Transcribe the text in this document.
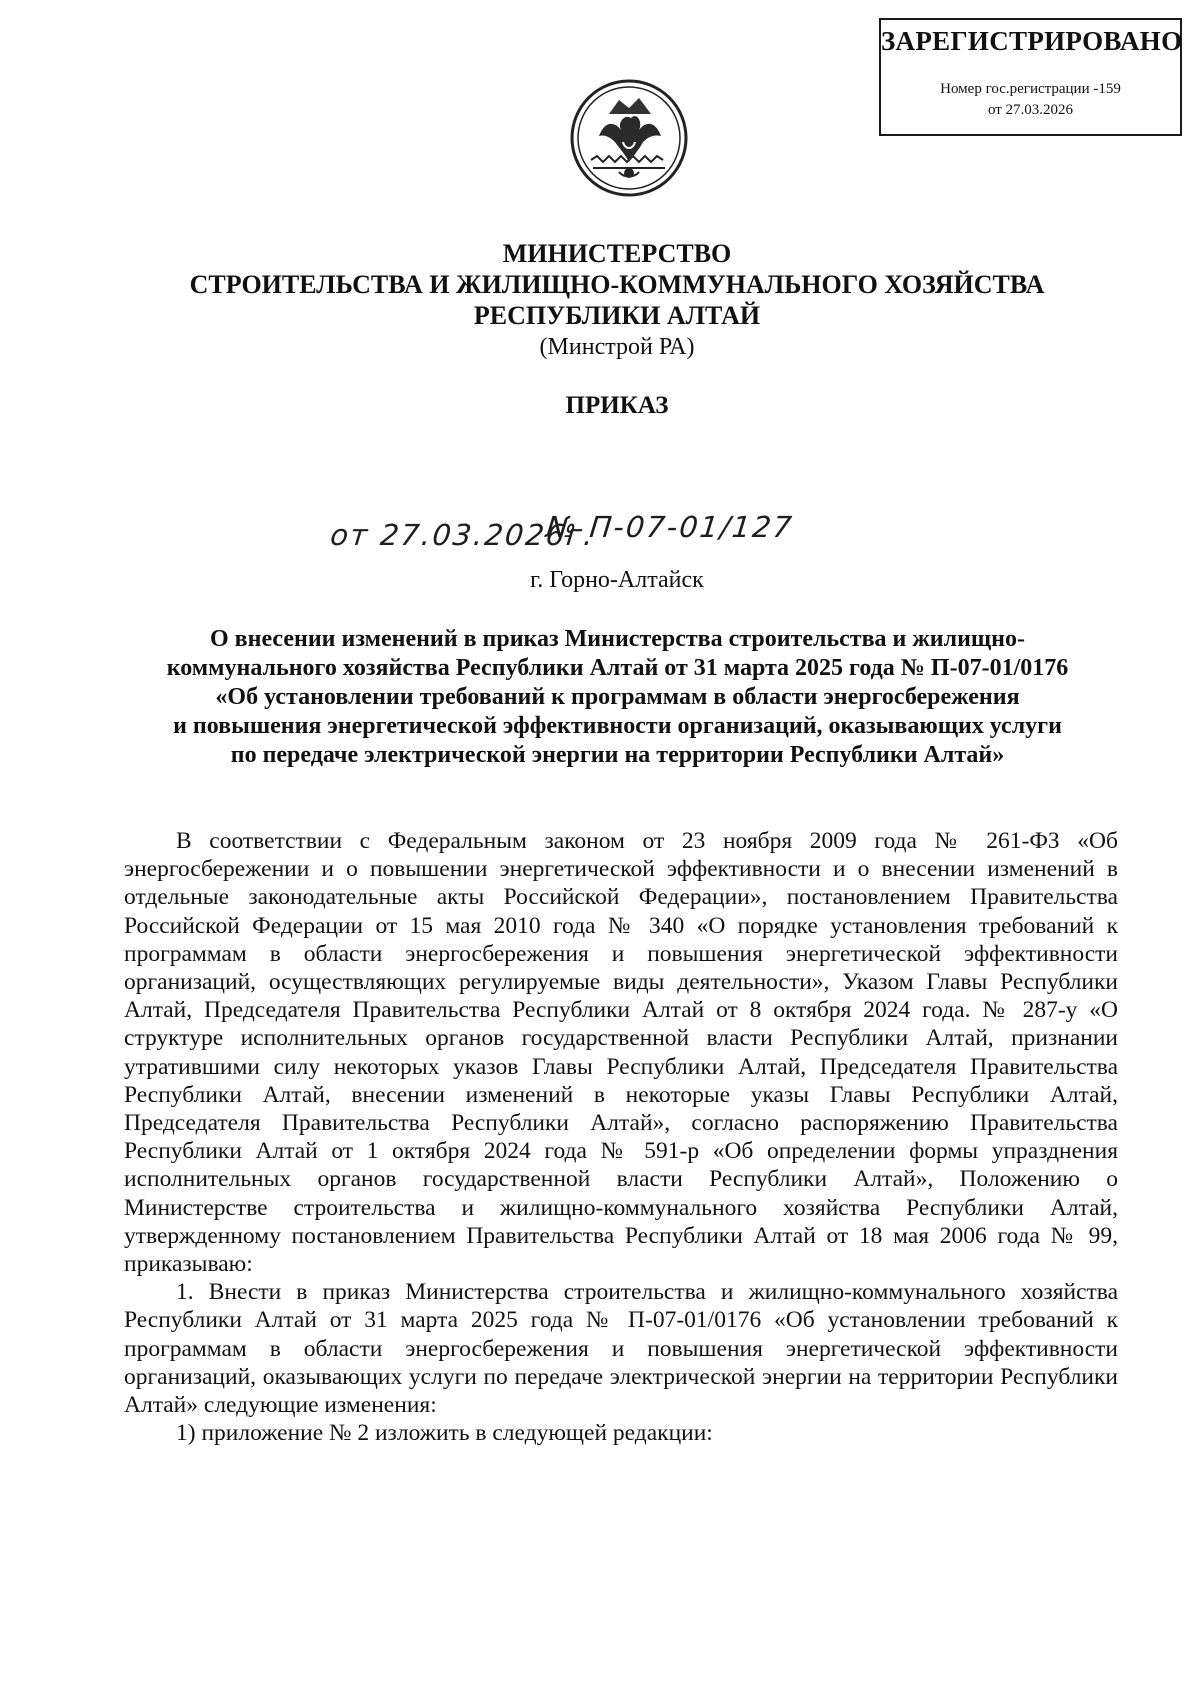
ЗАРЕГИСТРИРОВАНО
Номер гос.регистрации -159
от 27.03.2026
МИНИСТЕРСТВО
СТРОИТЕЛЬСТВА И ЖИЛИЩНО-КОММУНАЛЬНОГО ХОЗЯЙСТВА
РЕСПУБЛИКИ АЛТАЙ
(Минстрой РА)
ПРИКАЗ
от 27.03.2026г.
№ П-07-01/127
г. Горно-Алтайск
О внесении изменений в приказ Министерства строительства и жилищно-
коммунального хозяйства Республики Алтай от 31 марта 2025 года № П-07-01/0176
«Об установлении требований к программам в области энергосбережения
и повышения энергетической эффективности организаций, оказывающих услуги
по передаче электрической энергии на территории Республики Алтай»

В соответствии с Федеральным законом от 23 ноября 2009 года № 261-ФЗ «Об энергосбережении и о повышении энергетической эффективности и о внесении изменений в отдельные законодательные акты Российской Федерации», постановлением Правительства Российской Федерации от 15 мая 2010 года № 340 «О порядке установления требований к программам в области энергосбережения и повышения энергетической эффективности организаций, осуществляющих регулируемые виды деятельности», Указом Главы Республики Алтай, Председателя Правительства Республики Алтай от 8 октября 2024 года. № 287-у «О структуре исполнительных органов государственной власти Республики Алтай, признании утратившими силу некоторых указов Главы Республики Алтай, Председателя Правительства Республики Алтай, внесении изменений в некоторые указы Главы Республики Алтай, Председателя Правительства Республики Алтай», согласно распоряжению Правительства Республики Алтай от 1 октября 2024 года № 591-р «Об определении формы упразднения исполнительных органов государственной власти Республики Алтай», Положению о Министерстве строительства и жилищно-коммунального хозяйства Республики Алтай, утвержденному постановлением Правительства Республики Алтай от 18 мая 2006 года № 99, приказываю:

1. Внести в приказ Министерства строительства и жилищно-коммунального хозяйства Республики Алтай от 31 марта 2025 года № П-07-01/0176 «Об установлении требований к программам в области энергосбережения и повышения энергетической эффективности организаций, оказывающих услуги по передаче электрической энергии на территории Республики Алтай» следующие изменения:

1) приложение № 2 изложить в следующей редакции:
